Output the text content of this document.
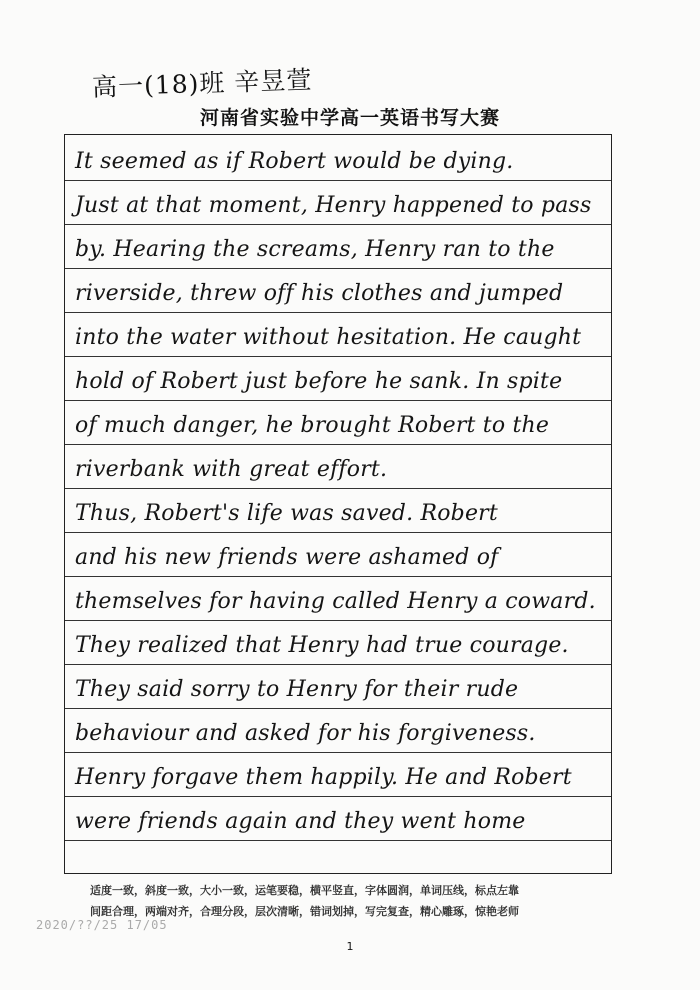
高一(18)班 辛昱萱
河南省实验中学高一英语书写大赛
It seemed as if Robert would be dying.
Just at that moment, Henry happened to pass
by. Hearing the screams, Henry ran to the
riverside, threw off his clothes and jumped
into the water without hesitation. He caught
hold of Robert just before he sank. In spite
of much danger, he brought Robert to the
riverbank with great effort.
Thus, Robert's life was saved. Robert
and his new friends were ashamed of
themselves for having called Henry a coward.
They realized that Henry had true courage.
They said sorry to Henry for their rude
behaviour and asked for his forgiveness.
Henry forgave them happily. He and Robert
were friends again and they went home
适度一致，斜度一致，大小一致，运笔要稳，横平竖直，字体圆润，单词压线，标点左靠
间距合理，两端对齐，合理分段，层次清晰，错词划掉，写完复查，精心雕琢，惊艳老师
2020/??/25 17/05
1
